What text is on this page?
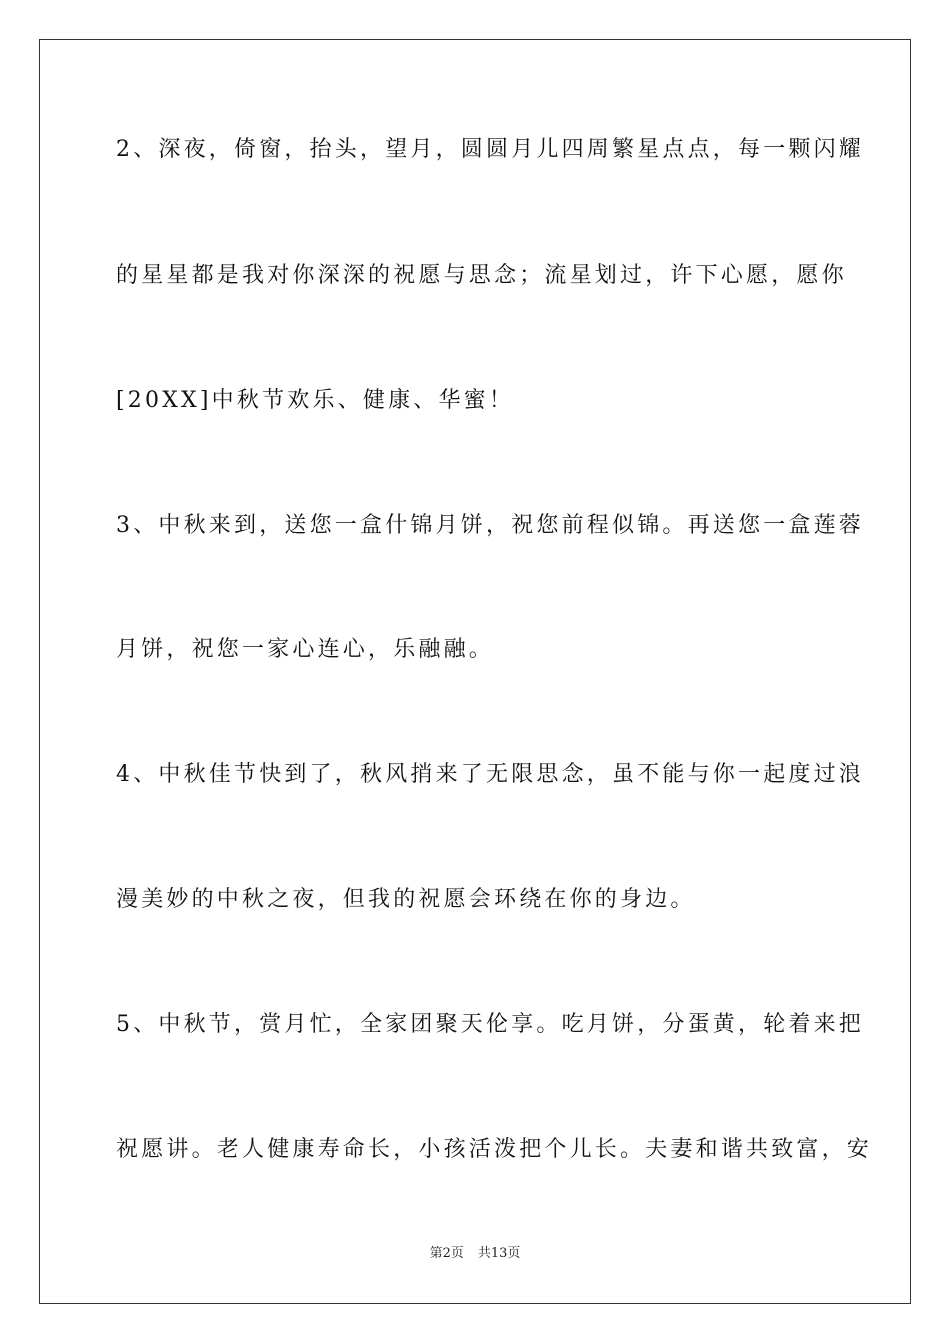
2、深夜，倚窗，抬头，望月，圆圆月儿四周繁星点点，每一颗闪耀
的星星都是我对你深深的祝愿与思念；流星划过，许下心愿，愿你
[20XX]中秋节欢乐、健康、华蜜！
3、中秋来到，送您一盒什锦月饼，祝您前程似锦。再送您一盒莲蓉
月饼，祝您一家心连心，乐融融。
4、中秋佳节快到了，秋风捎来了无限思念，虽不能与你一起度过浪
漫美妙的中秋之夜，但我的祝愿会环绕在你的身边。
5、中秋节，赏月忙，全家团聚天伦享。吃月饼，分蛋黄，轮着来把
祝愿讲。老人健康寿命长，小孩活泼把个儿长。夫妻和谐共致富，安
第2页 共13页
